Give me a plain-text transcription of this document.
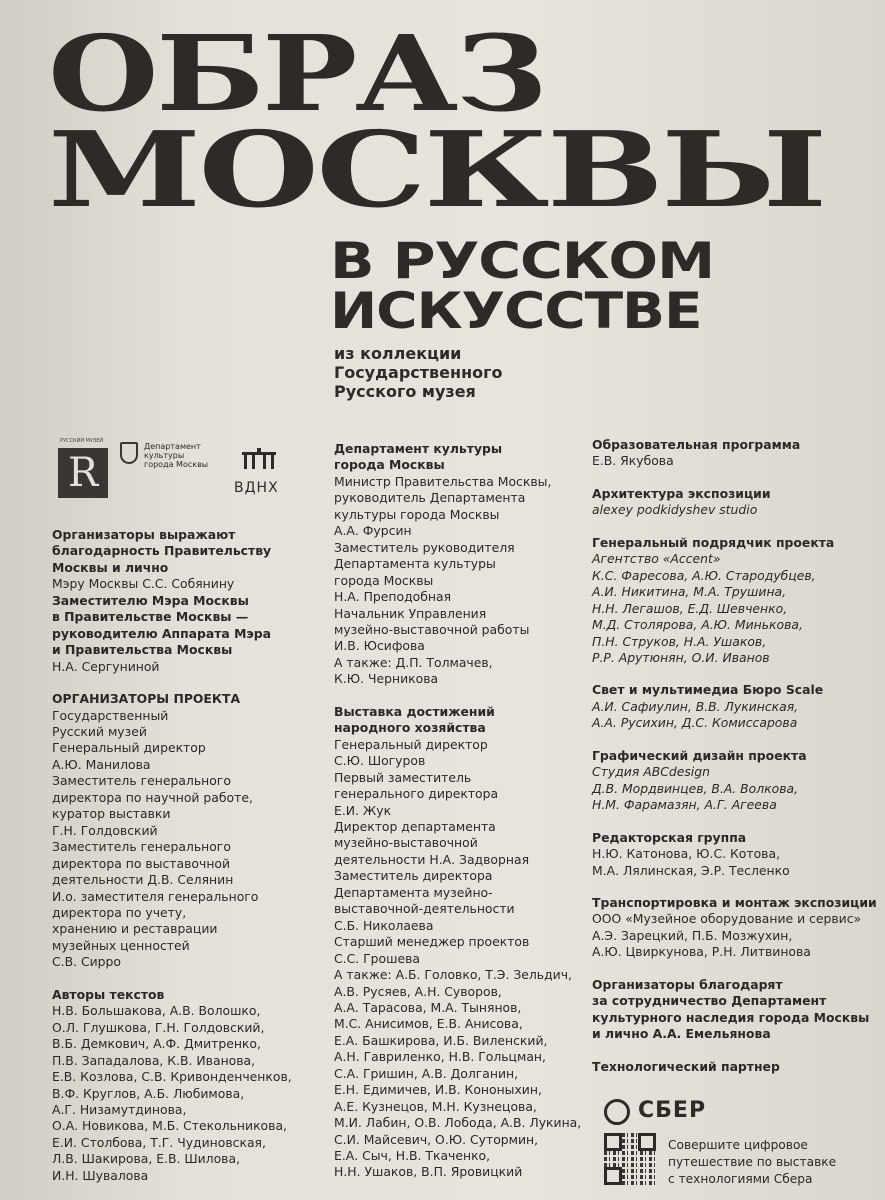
ОБРАЗ
МОСКВЫ
В РУССКОМ
ИСКУССТВЕ
из коллекции
Государственного
Русского музея
РУССКИЙ МУЗЕЙ
R
Департамент
культуры
города Москвы
ВДНХ
Организаторы выражают
благодарность Правительству
Москвы и лично
Мэру Москвы С.С. Собянину
Заместителю Мэра Москвы
в Правительстве Москвы —
руководителю Аппарата Мэра
и Правительства Москвы
Н.А. Сергуниной
ОРГАНИЗАТОРЫ ПРОЕКТА
Государственный
Русский музей
Генеральный директор
А.Ю. Манилова
Заместитель генерального
директора по научной работе,
куратор выставки
Г.Н. Голдовский
Заместитель генерального
директора по выставочной
деятельности Д.В. Селянин
И.о. заместителя генерального
директора по учету,
хранению и реставрации
музейных ценностей
С.В. Сирро
Авторы текстов
Н.В. Большакова, А.В. Волошко,
О.Л. Глушкова, Г.Н. Голдовский,
В.Б. Демкович, А.Ф. Дмитренко,
П.В. Западалова, К.В. Иванова,
Е.В. Козлова, С.В. Кривонденченков,
В.Ф. Круглов, А.Б. Любимова,
А.Г. Низамутдинова,
О.А. Новикова, М.Б. Стекольникова,
Е.И. Столбова, Т.Г. Чудиновская,
Л.В. Шакирова, Е.В. Шилова,
И.Н. Шувалова
Департамент культуры
города Москвы
Министр Правительства Москвы,
руководитель Департамента
культуры города Москвы
А.А. Фурсин
Заместитель руководителя
Департамента культуры
города Москвы
Н.А. Преподобная
Начальник Управления
музейно-выставочной работы
И.В. Юсифова
А также: Д.П. Толмачев,
К.Ю. Черникова
Выставка достижений
народного хозяйства
Генеральный директор
С.Ю. Шогуров
Первый заместитель
генерального директора
Е.И. Жук
Директор департамента
музейно-выставочной
деятельности Н.А. Задворная
Заместитель директора
Департамента музейно-
выставочной-деятельности
С.Б. Николаева
Старший менеджер проектов
С.С. Грошева
А также: А.Б. Головко, Т.Э. Зельдич,
А.В. Русяев, А.Н. Суворов,
А.А. Тарасова, М.А. Тынянов,
М.С. Анисимов, Е.В. Анисова,
Е.А. Башкирова, И.Б. Виленский,
А.Н. Гавриленко, Н.В. Гольцман,
С.А. Гришин, А.В. Долганин,
Е.Н. Едимичев, И.В. Кононыхин,
А.Е. Кузнецов, М.Н. Кузнецова,
М.И. Лабин, О.В. Лобода, А.В. Лукина,
С.И. Майсевич, О.Ю. Сутормин,
Е.А. Сыч, Н.В. Ткаченко,
Н.Н. Ушаков, В.П. Яровицкий
Образовательная программа
Е.В. Якубова
Архитектура экспозиции
alexey podkidyshev studio
Генеральный подрядчик проекта
Агентство «Accent»
К.С. Фаресова, А.Ю. Стародубцев,
А.И. Никитина, М.А. Трушина,
Н.Н. Легашов, Е.Д. Шевченко,
М.Д. Столярова, А.Ю. Минькова,
П.Н. Струков, Н.А. Ушаков,
Р.Р. Арутюнян, О.И. Иванов
Свет и мультимедиа Бюро Scale
А.И. Сафиулин, В.В. Лукинская,
А.А. Русихин, Д.С. Комиссарова
Графический дизайн проекта
Студия ABCdesign
Д.В. Мордвинцев, В.А. Волкова,
Н.М. Фарамазян, А.Г. Агеева
Редакторская группа
Н.Ю. Катонова, Ю.С. Котова,
М.А. Лялинская, Э.Р. Тесленко
Транспортировка и монтаж экспозиции
ООО «Музейное оборудование и сервис»
А.Э. Зарецкий, П.Б. Мозжухин,
А.Ю. Цвиркунова, Р.Н. Литвинова
Организаторы благодарят
за сотрудничество Департамент
культурного наследия города Москвы
и лично А.А. Емельянова
Технологический партнер
СБЕР
Совершите цифровое
путешествие по выставке
с технологиями Сбера
